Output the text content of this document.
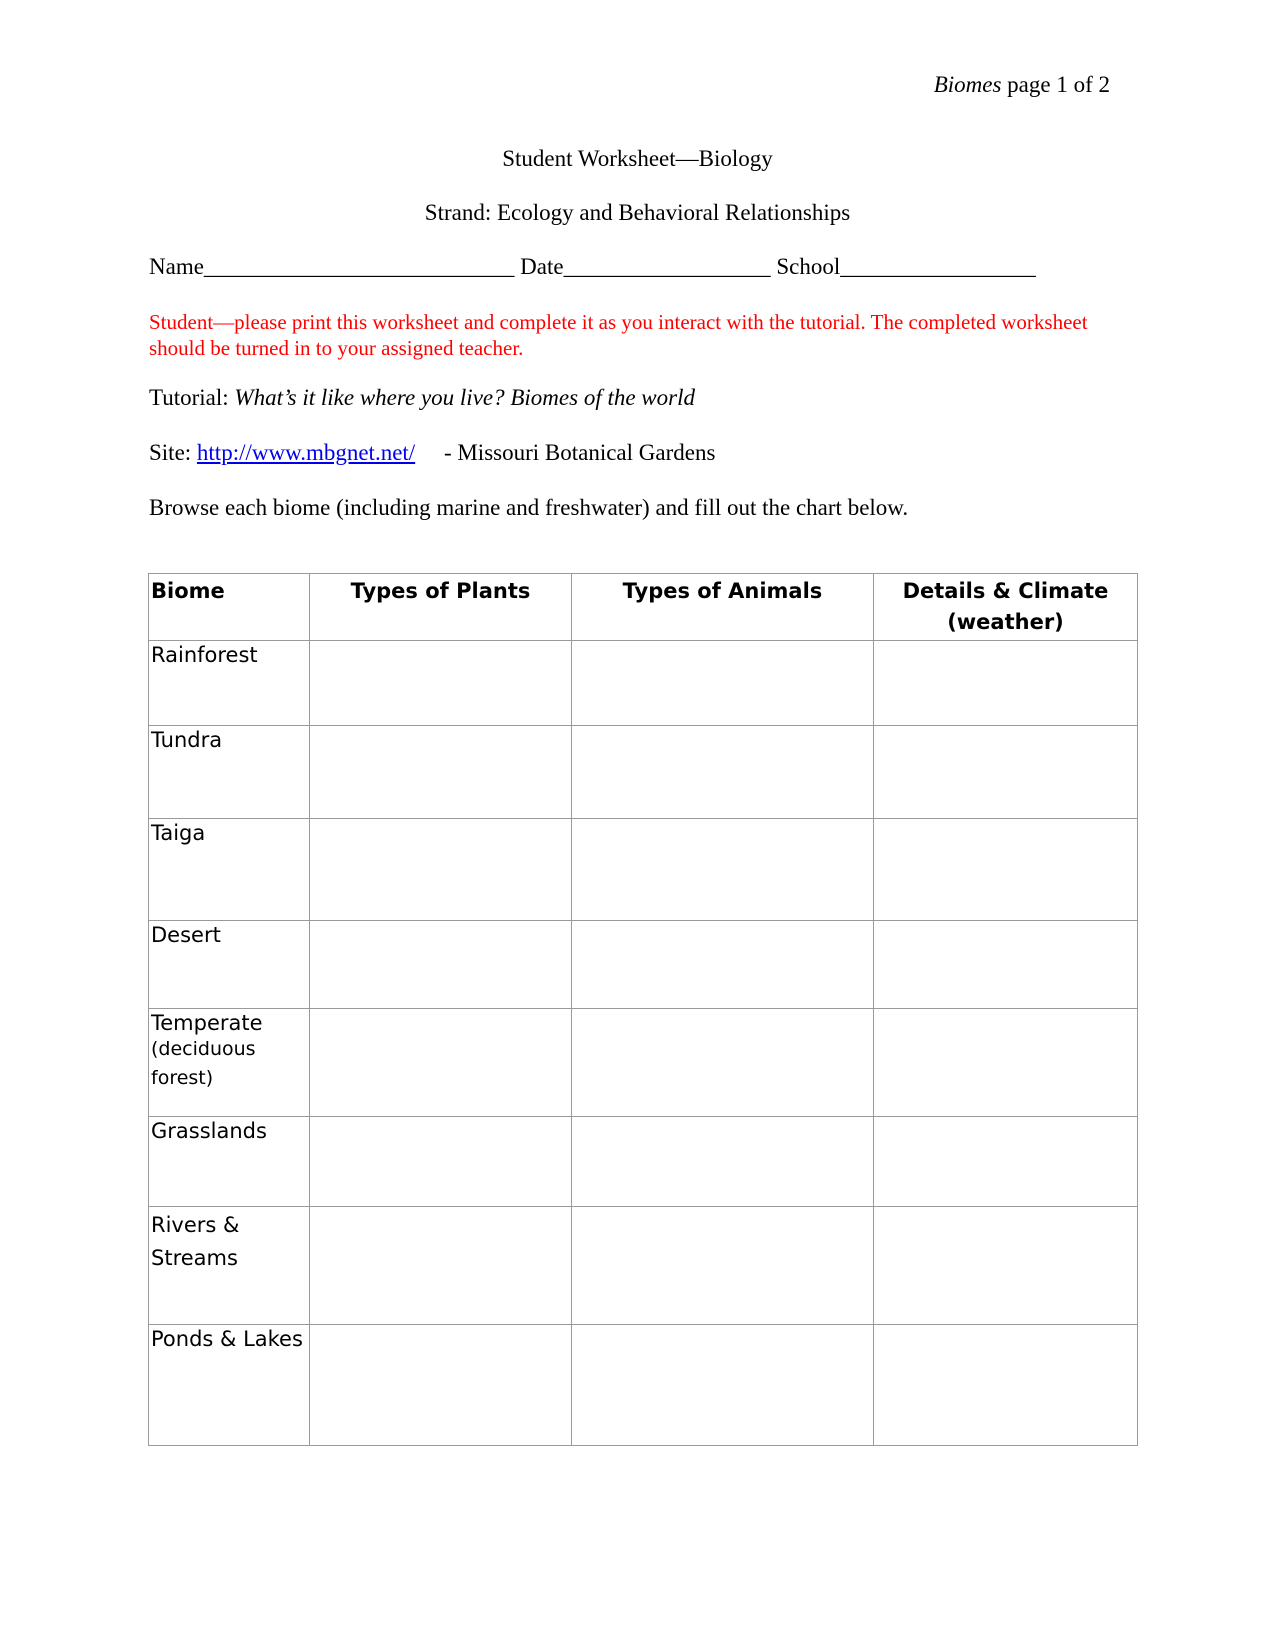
Biomes page 1 of 2
Student Worksheet—Biology
Strand: Ecology and Behavioral Relationships
Name___________________________ Date__________________ School_________________
Student—please print this worksheet and complete it as you interact with the tutorial. The completed worksheet should be turned in to your assigned teacher.
Tutorial: What’s it like where you live? Biomes of the world
Site: http://www.mbgnet.net/     - Missouri Botanical Gardens
Browse each biome (including marine and freshwater) and fill out the chart below.
Biome	Types of Plants	Types of Animals	Details & Climate (weather)
Rainforest			
Tundra			
Taiga			
Desert			

Temperate
(deciduous forest)			

Grasslands			
Rivers & Streams			
Ponds & Lakes			
